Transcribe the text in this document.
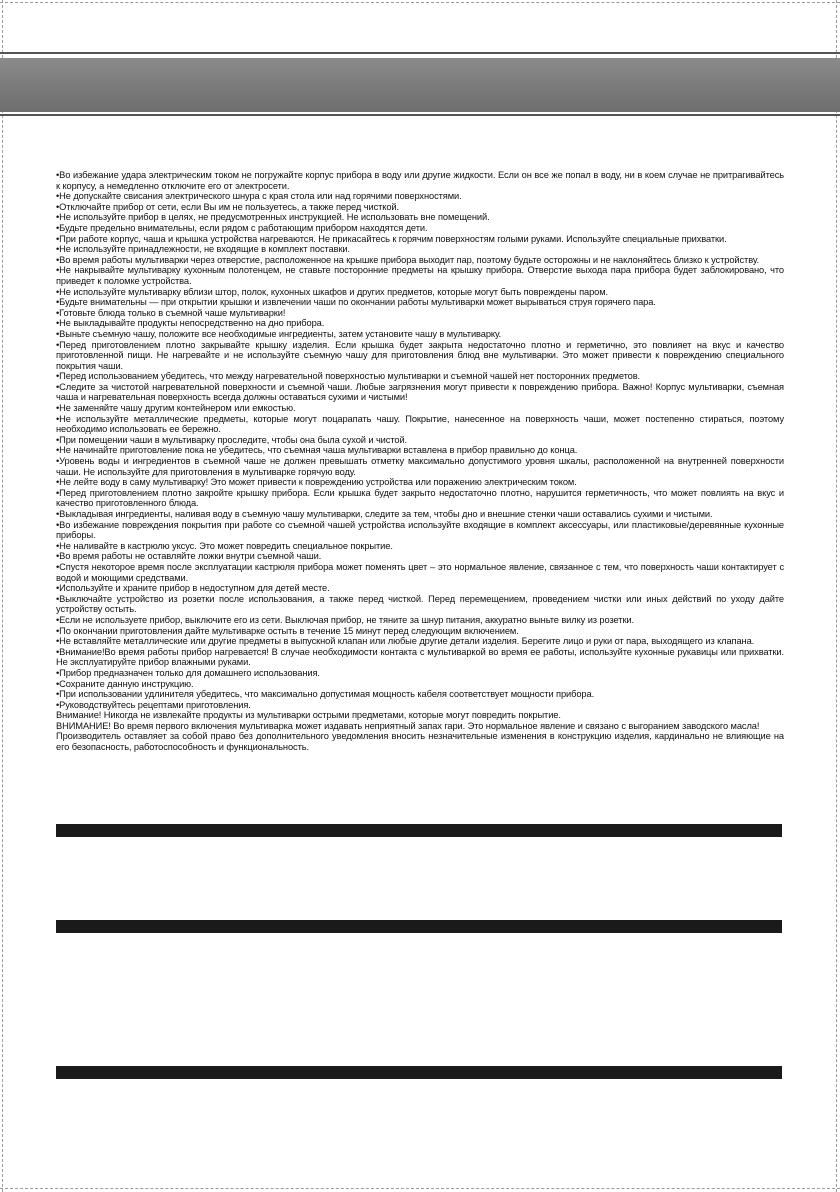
•Во избежание удара электрическим током не погружайте корпус прибора в воду или другие жидкости. Если он все же попал в воду, ни в коем случае не притрагивайтесь к корпусу, а немедленно отключите его от электросети.

•Не допускайте свисания электрического шнура с края стола или над горячими поверхностями.

•Отключайте прибор от сети, если Вы им не пользуетесь, а также перед чисткой.

•Не используйте прибор в целях, не предусмотренных инструкцией. Не использовать вне помещений.

•Будьте предельно внимательны, если рядом с работающим прибором находятся дети.

•При работе корпус, чаша и крышка устройства нагреваются. Не прикасайтесь к горячим поверхностям голыми руками. Используйте специальные прихватки.

•Не используйте принадлежности, не входящие в комплект поставки.

•Во время работы мультиварки через отверстие, расположенное на крышке прибора выходит пар, поэтому будьте осторожны и не наклоняйтесь близко к устройству.

•Не накрывайте мультиварку кухонным полотенцем, не ставьте посторонние предметы на крышку прибора. Отверстие выхода пара прибора будет заблокировано, что приведет к поломке устройства.

•Не используйте мультиварку вблизи штор, полок, кухонных шкафов и других предметов, которые могут быть повреждены паром.

•Будьте внимательны — при открытии крышки и извлечении чаши по окончании работы мультиварки может вырываться струя горячего пара.

•Готовьте блюда только в съемной чаше мультиварки!

•Не выкладывайте продукты непосредственно на дно прибора.

•Выньте съемную чашу, положите все необходимые ингредиенты, затем установите чашу в мультиварку.

•Перед приготовлением плотно закрывайте крышку изделия. Если крышка будет закрыта недостаточно плотно и герметично, это повлияет на вкус и качество приготовленной пищи. Не нагревайте и не используйте съемную чашу для приготовления блюд вне мультиварки. Это может привести к повреждению специального покрытия чаши.

•Перед использованием убедитесь, что между нагревательной поверхностью мультиварки и съемной чашей нет посторонних предметов.

•Следите за чистотой нагревательной поверхности и съемной чаши. Любые загрязнения могут привести к повреждению прибора. Важно! Корпус мультиварки, съемная чаша и нагревательная поверхность всегда должны оставаться сухими и чистыми!

•Не заменяйте чашу другим контейнером или емкостью.

•Не используйте металлические предметы, которые могут поцарапать чашу. Покрытие, нанесенное на поверхность чаши, может постепенно стираться, поэтому необходимо использовать ее бережно.

•При помещении чаши в мультиварку проследите, чтобы она была сухой и чистой.

•Не начинайте приготовление пока не убедитесь, что съемная чаша мультиварки вставлена в прибор правильно до конца.

•Уровень воды и ингредиентов в съемной чаше не должен превышать отметку максимально допустимого уровня шкалы, расположенной на внутренней поверхности чаши. Не используйте для приготовления в мультиварке горячую воду.

•Не лейте воду в саму мультиварку! Это может привести к повреждению устройства или поражению электрическим током.

•Перед приготовлением плотно закройте крышку прибора. Если крышка будет закрыто недостаточно плотно, нарушится герметичность, что может повлиять на вкус и качество приготовленного блюда.

•Выкладывая ингредиенты, наливая воду в съемную чашу мультиварки, следите за тем, чтобы дно и внешние стенки чаши оставались сухими и чистыми.

•Во избежание повреждения покрытия при работе со съемной чашей устройства используйте входящие в комплект аксессуары, или пластиковые/деревянные кухонные приборы.

•Не наливайте в кастрюлю уксус. Это может повредить специальное покрытие.

•Во время работы не оставляйте ложки внутри съемной чаши.

•Спустя некоторое время после эксплуатации кастрюля прибора может поменять цвет – это нормальное явление, связанное с тем, что поверхность чаши контактирует с водой и моющими средствами.

•Используйте и храните прибор в недоступном для детей месте.

•Выключайте устройство из розетки после использования, а также перед чисткой. Перед перемещением, проведением чистки или иных действий по уходу дайте устройству остыть.

•Если не используете прибор, выключите его из сети. Выключая прибор, не тяните за шнур питания, аккуратно выньте вилку из розетки.

•По окончании приготовления дайте мультиварке остыть в течение 15 минут перед следующим включением.

•Не вставляйте металлические или другие предметы в выпускной клапан или любые другие детали изделия. Берегите лицо и руки от пара, выходящего из клапана.

•Внимание!Во время работы прибор нагревается! В случае необходимости контакта с мультиваркой во время ее работы, используйте кухонные рукавицы или прихватки. Не эксплуатируйте прибор влажными руками.

•Прибор предназначен только для домашнего использования.

•Сохраните данную инструкцию.

•При использовании удлинителя убедитесь, что максимально допустимая мощность кабеля соответствует мощности прибора.

•Руководствуйтесь рецептами приготовления.

Внимание! Никогда не извлекайте продукты из мультиварки острыми предметами, которые могут повредить покрытие.

ВНИМАНИЕ! Во время первого включения мультиварка может издавать неприятный запах гари. Это нормальное явление и связано с выгоранием заводского масла!

Производитель оставляет за собой право без дополнительного уведомления вносить незначительные изменения в конструкцию изделия, кардинально не влияющие на его безопасность, работоспособность и функциональность.
